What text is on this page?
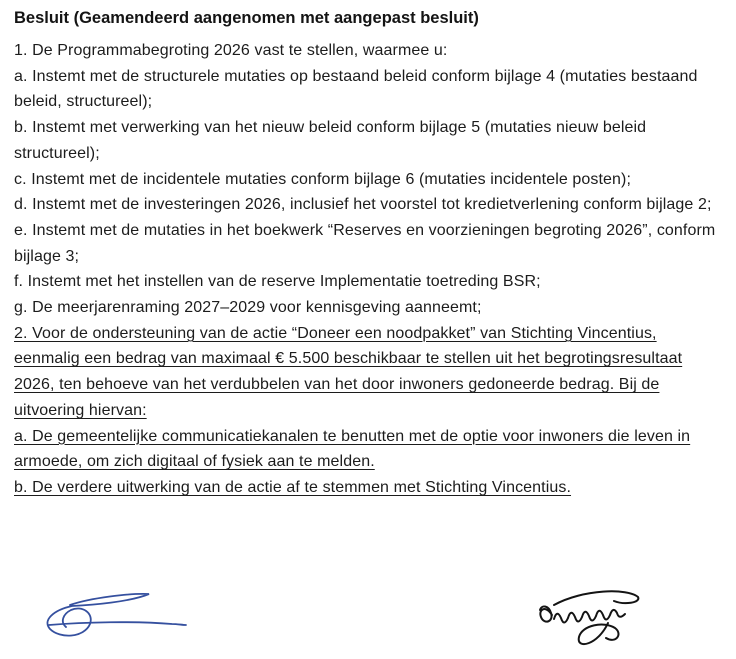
Besluit (Geamendeerd aangenomen met aangepast besluit)

1. De Programmabegroting 2026 vast te stellen, waarmee u:

a. Instemt met de structurele mutaties op bestaand beleid conform bijlage 4 (mutaties bestaand beleid, structureel);

b. Instemt met verwerking van het nieuw beleid conform bijlage 5 (mutaties nieuw beleid structureel);

c. Instemt met de incidentele mutaties conform bijlage 6 (mutaties incidentele posten);

d. Instemt met de investeringen 2026, inclusief het voorstel tot kredietverlening conform bijlage 2;

e. Instemt met de mutaties in het boekwerk “Reserves en voorzieningen begroting 2026”, conform bijlage 3;

f. Instemt met het instellen van de reserve Implementatie toetreding BSR;

g. De meerjarenraming 2027–2029 voor kennisgeving aanneemt;

2. Voor de ondersteuning van de actie “Doneer een noodpakket” van Stichting Vincentius, eenmalig een bedrag van maximaal € 5.500 beschikbaar te stellen uit het begrotingsresultaat 2026, ten behoeve van het verdubbelen van het door inwoners gedoneerde bedrag. Bij de uitvoering hiervan:

a. De gemeentelijke communicatiekanalen te benutten met de optie voor inwoners die leven in armoede, om zich digitaal of fysiek aan te melden.

b. De verdere uitwerking van de actie af te stemmen met Stichting Vincentius.
